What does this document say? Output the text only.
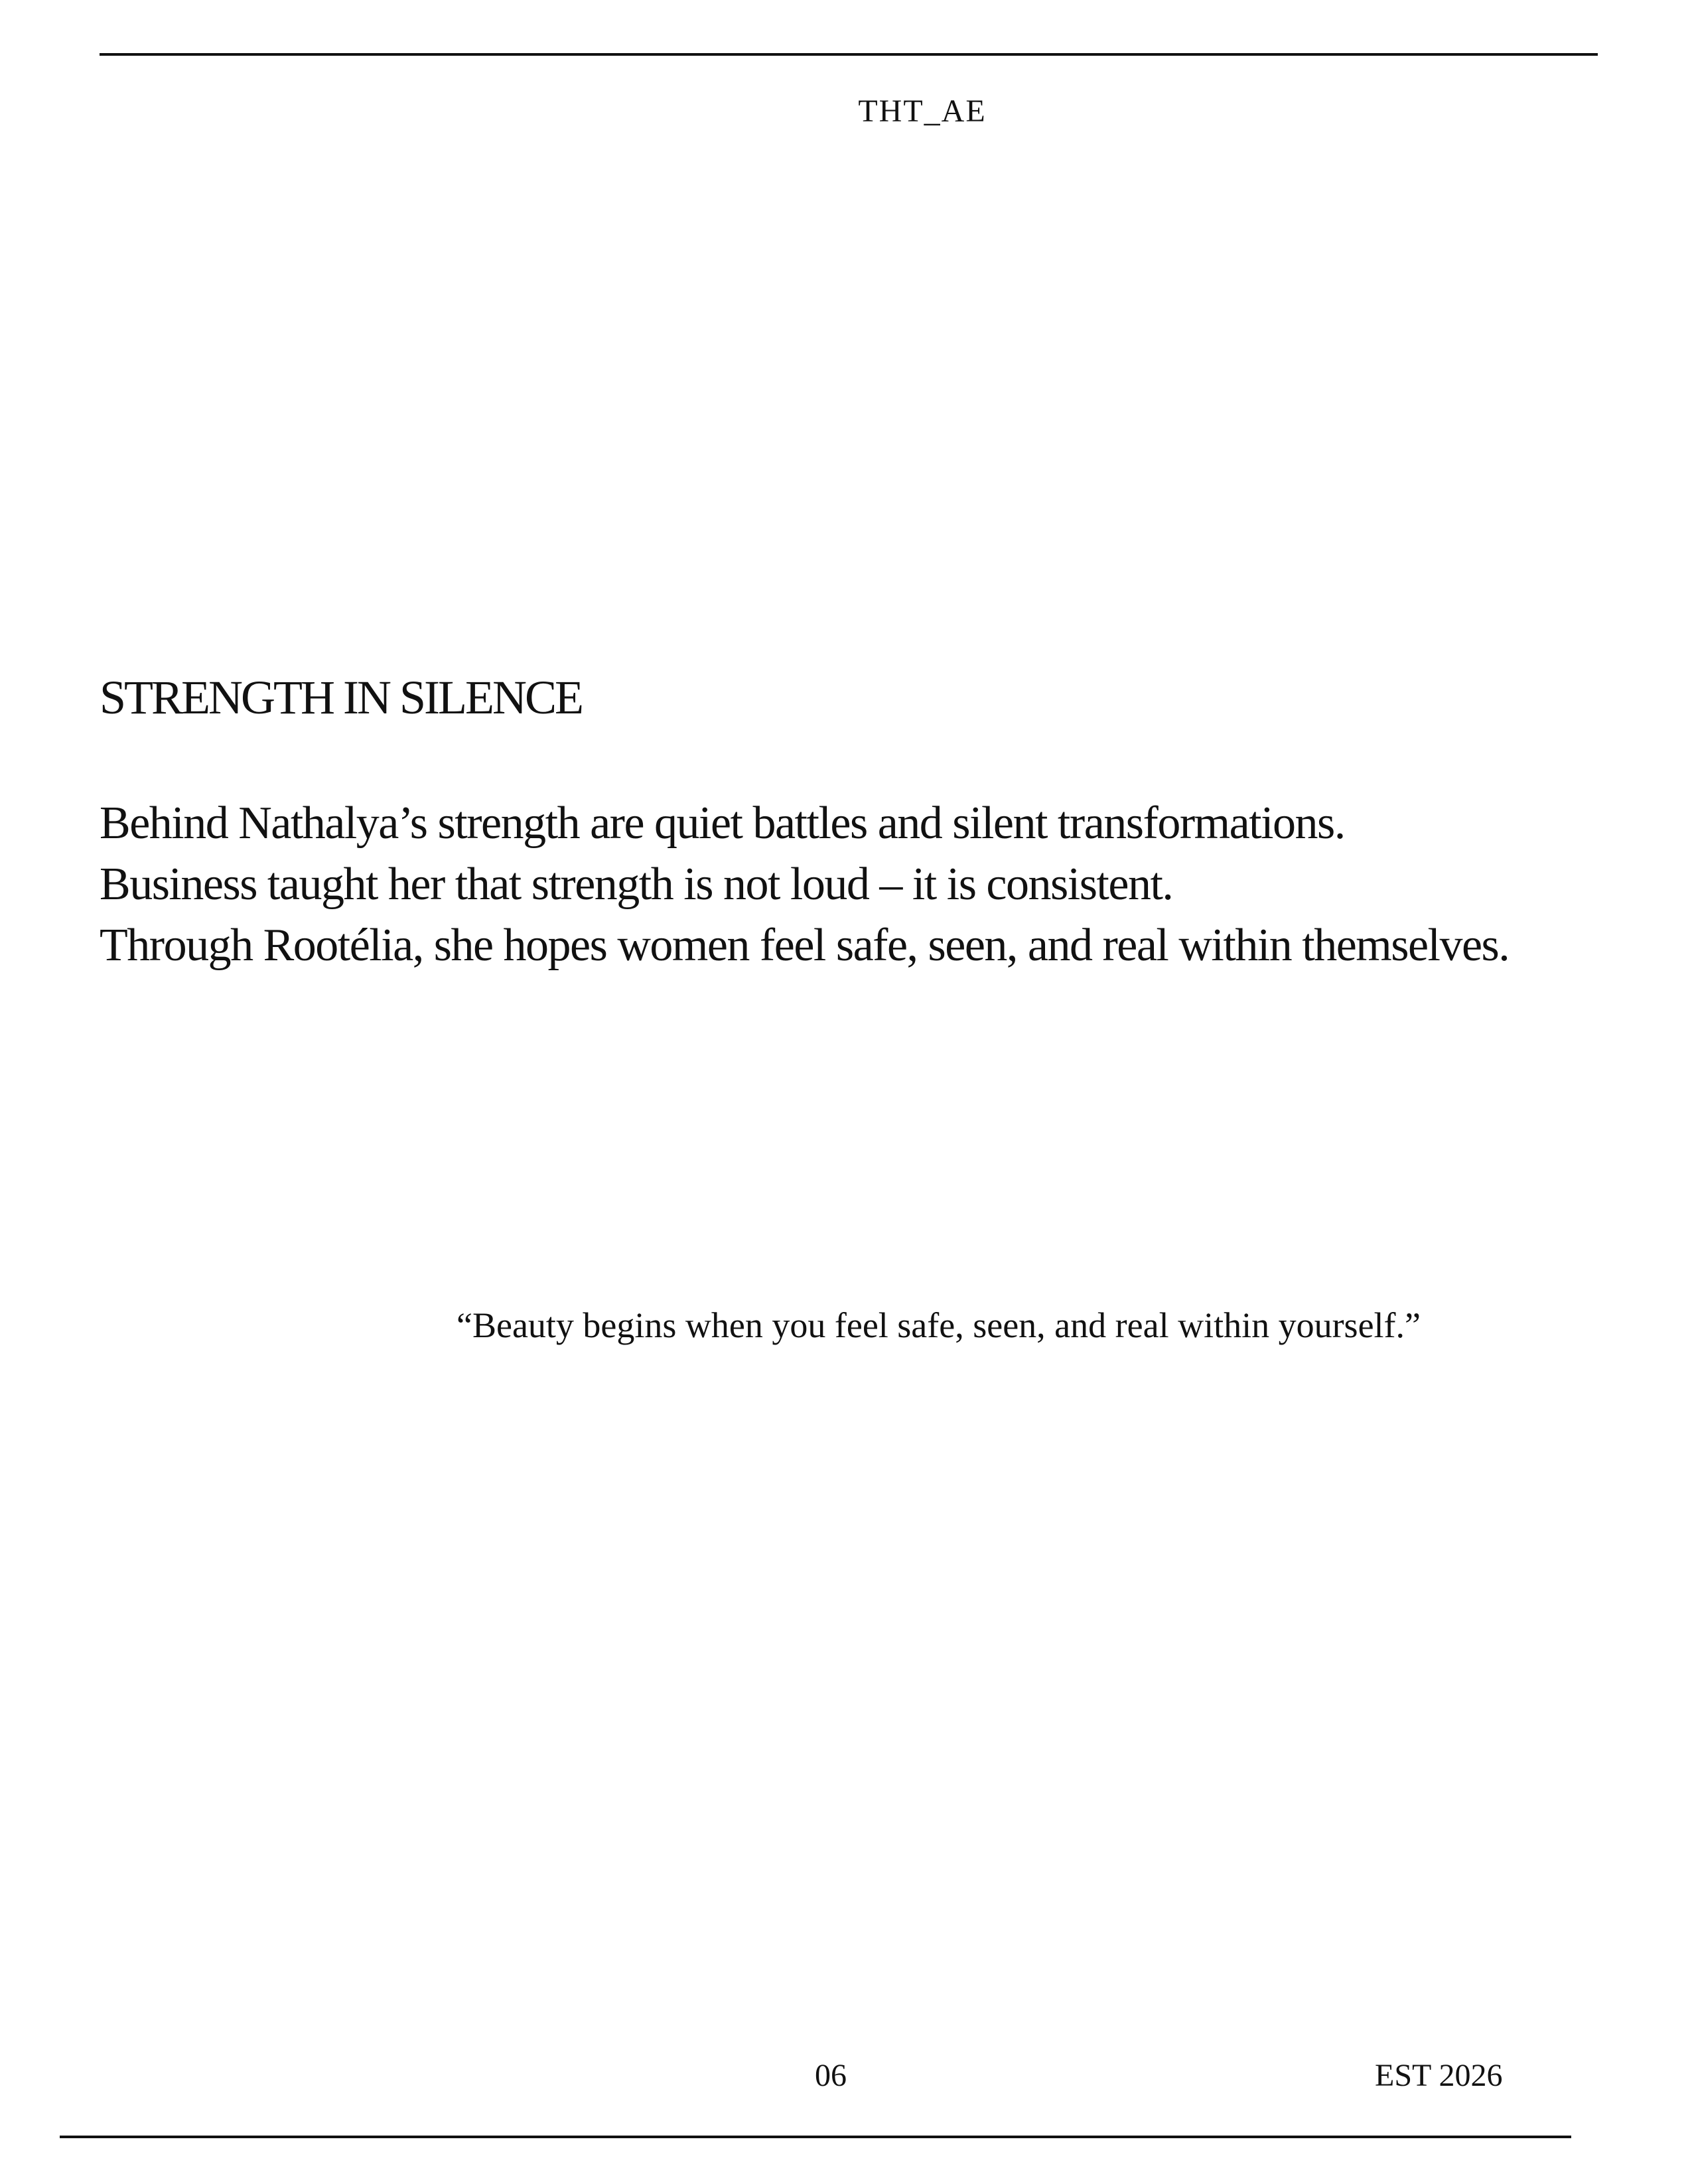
THT_AE
STRENGTH IN SILENCE

Behind Nathalya’s strength are quiet battles and silent transformations.
Business taught her that strength is not loud – it is consistent.
Through Rootélia, she hopes women feel safe, seen, and real within themselves.

“Beauty begins when you feel safe, seen, and real within yourself.”

06	EST 2026
